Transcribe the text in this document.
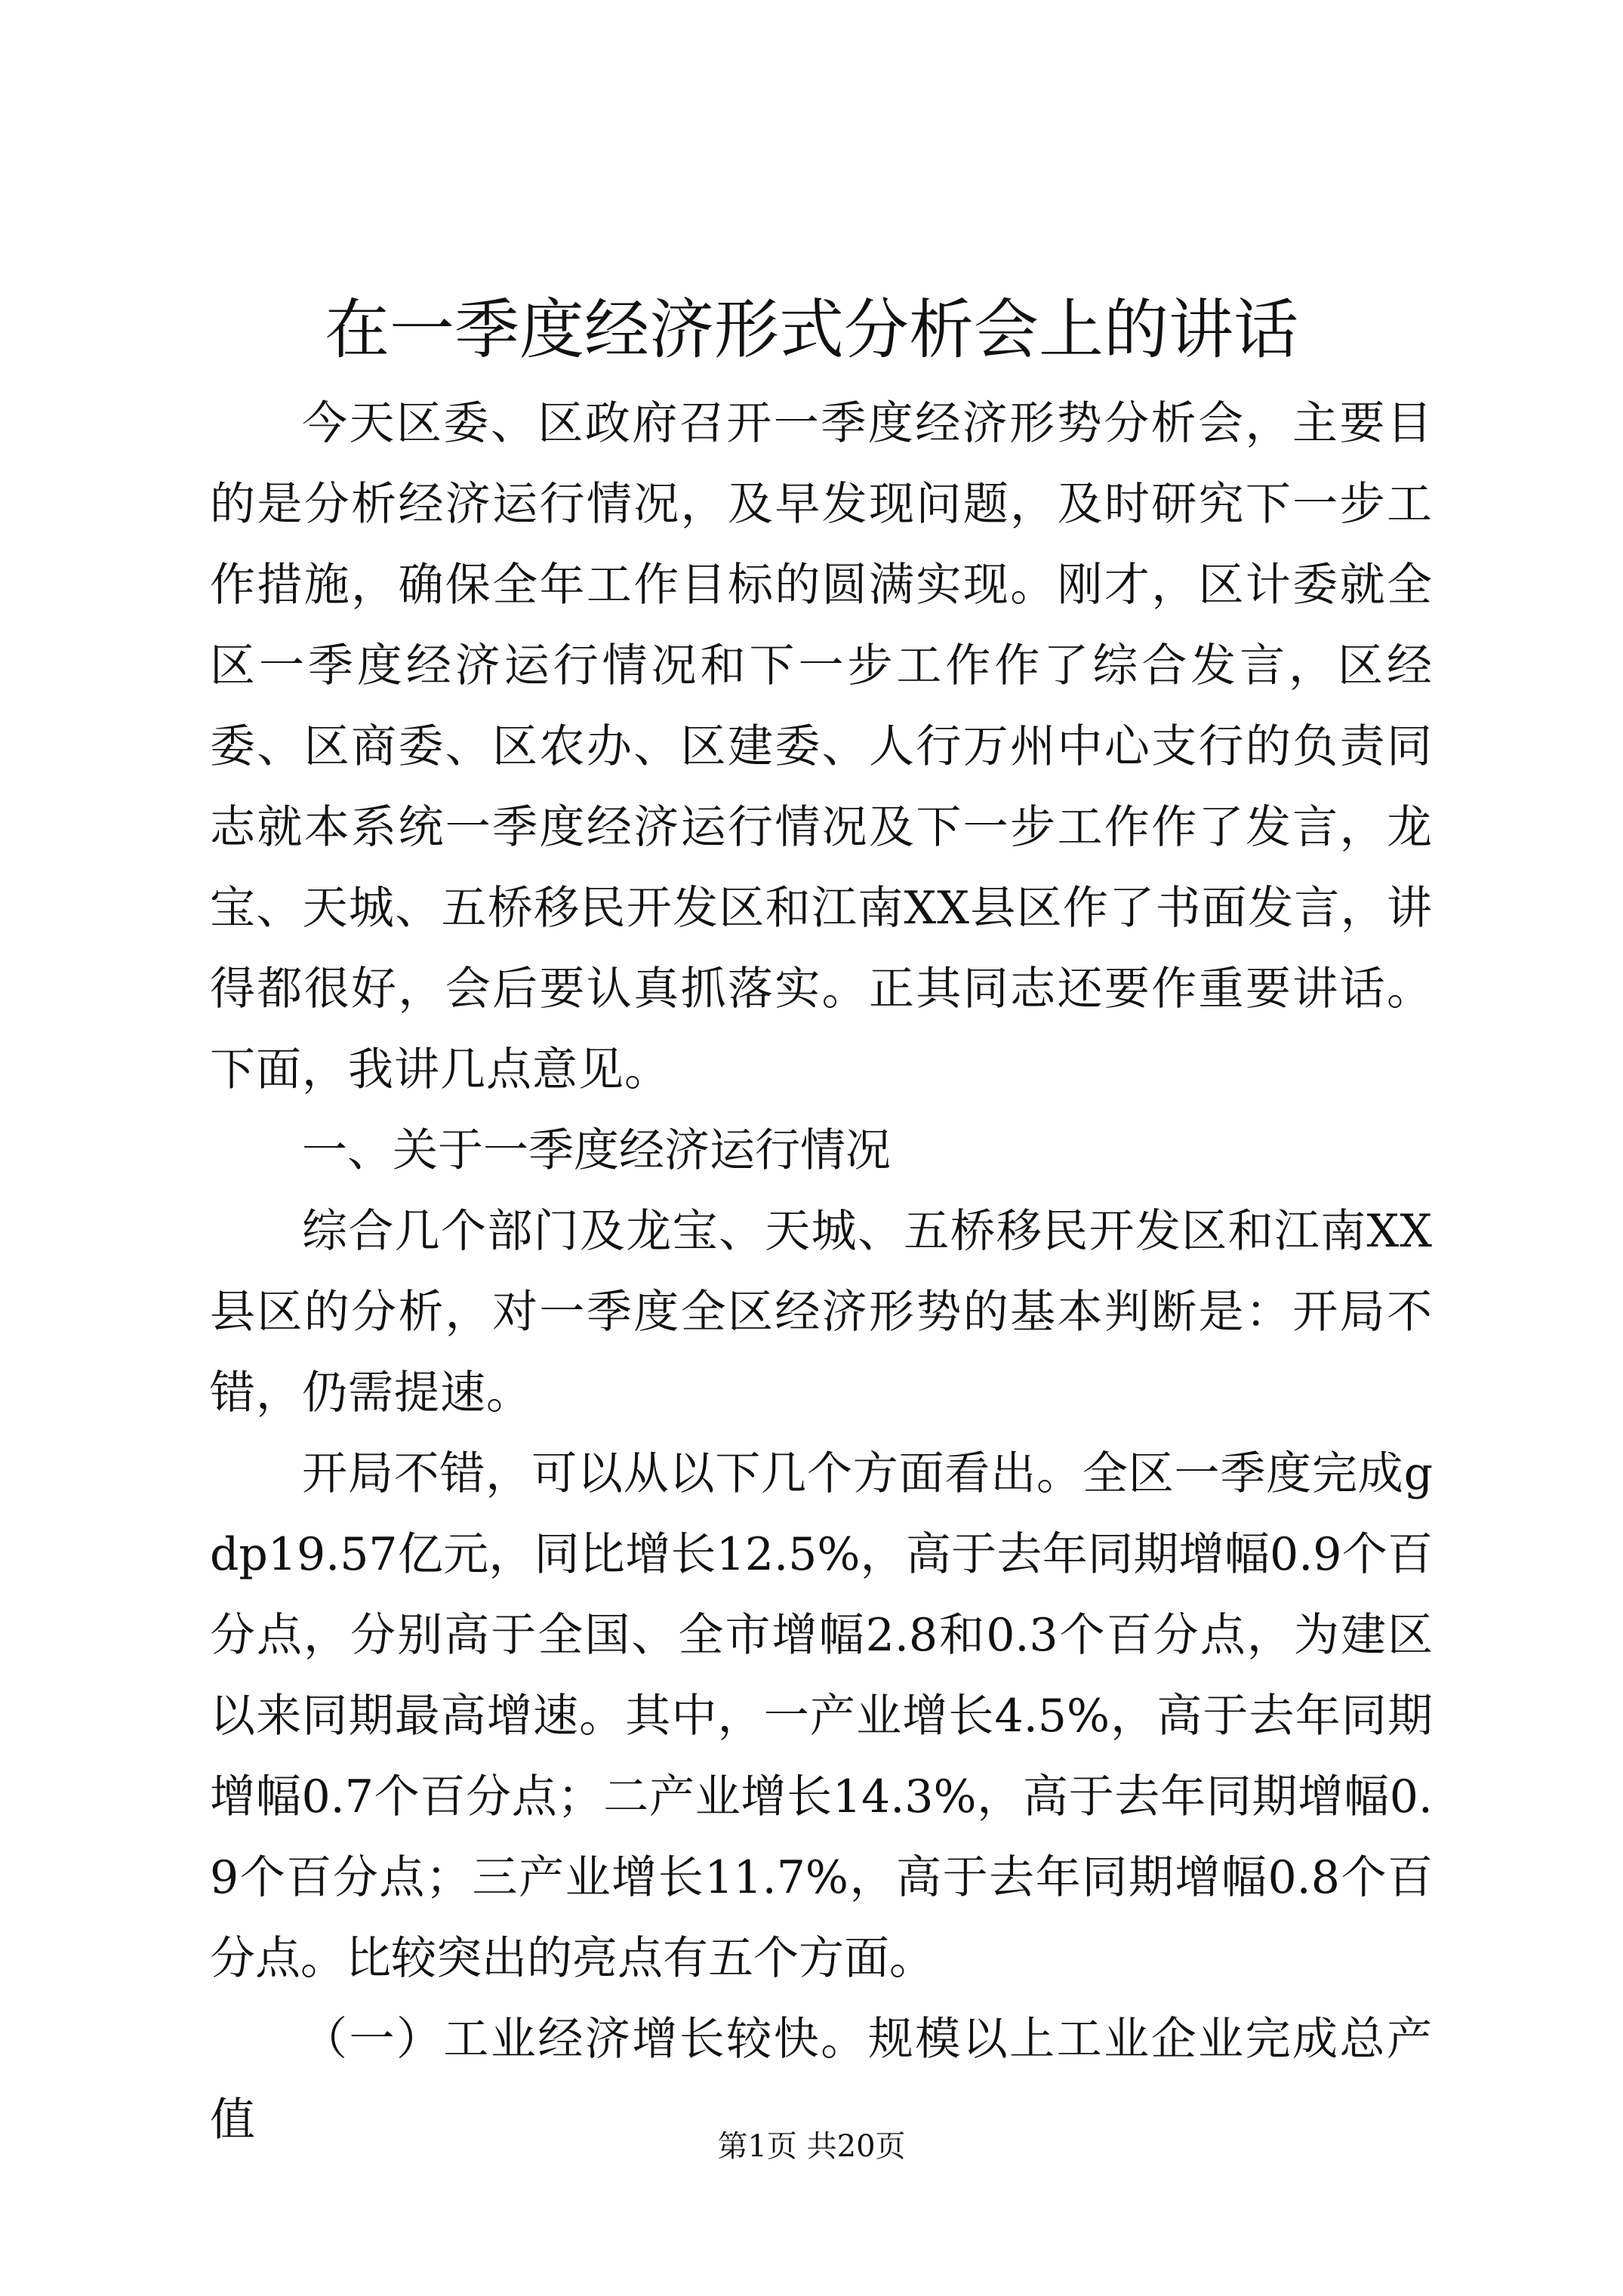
在一季度经济形式分析会上的讲话

今天区委、区政府召开一季度经济形势分析会，主要目的是分析经济运行情况，及早发现问题，及时研究下一步工作措施，确保全年工作目标的圆满实现。刚才，区计委就全区一季度经济运行情况和下一步工作作了综合发言，区经委、区商委、区农办、区建委、人行万州中心支行的负责同志就本系统一季度经济运行情况及下一步工作作了发言，龙宝、天城、五桥移民开发区和江南XX县区作了书面发言，讲得都很好，会后要认真抓落实。正其同志还要作重要讲话。下面，我讲几点意见。

一、关于一季度经济运行情况

综合几个部门及龙宝、天城、五桥移民开发区和江南XX县区的分析，对一季度全区经济形势的基本判断是：开局不错，仍需提速。

开局不错，可以从以下几个方面看出。全区一季度完成gdp19.57亿元，同比增长12.5%，高于去年同期增幅0.9个百分点，分别高于全国、全市增幅2.8和0.3个百分点，为建区以来同期最高增速。其中，一产业增长4.5%，高于去年同期增幅0.7个百分点；二产业增长14.3%，高于去年同期增幅0.9个百分点；三产业增长11.7%，高于去年同期增幅0.8个百分点。比较突出的亮点有五个方面。

（一）工业经济增长较快。规模以上工业企业完成总产值	第1页 共20页
